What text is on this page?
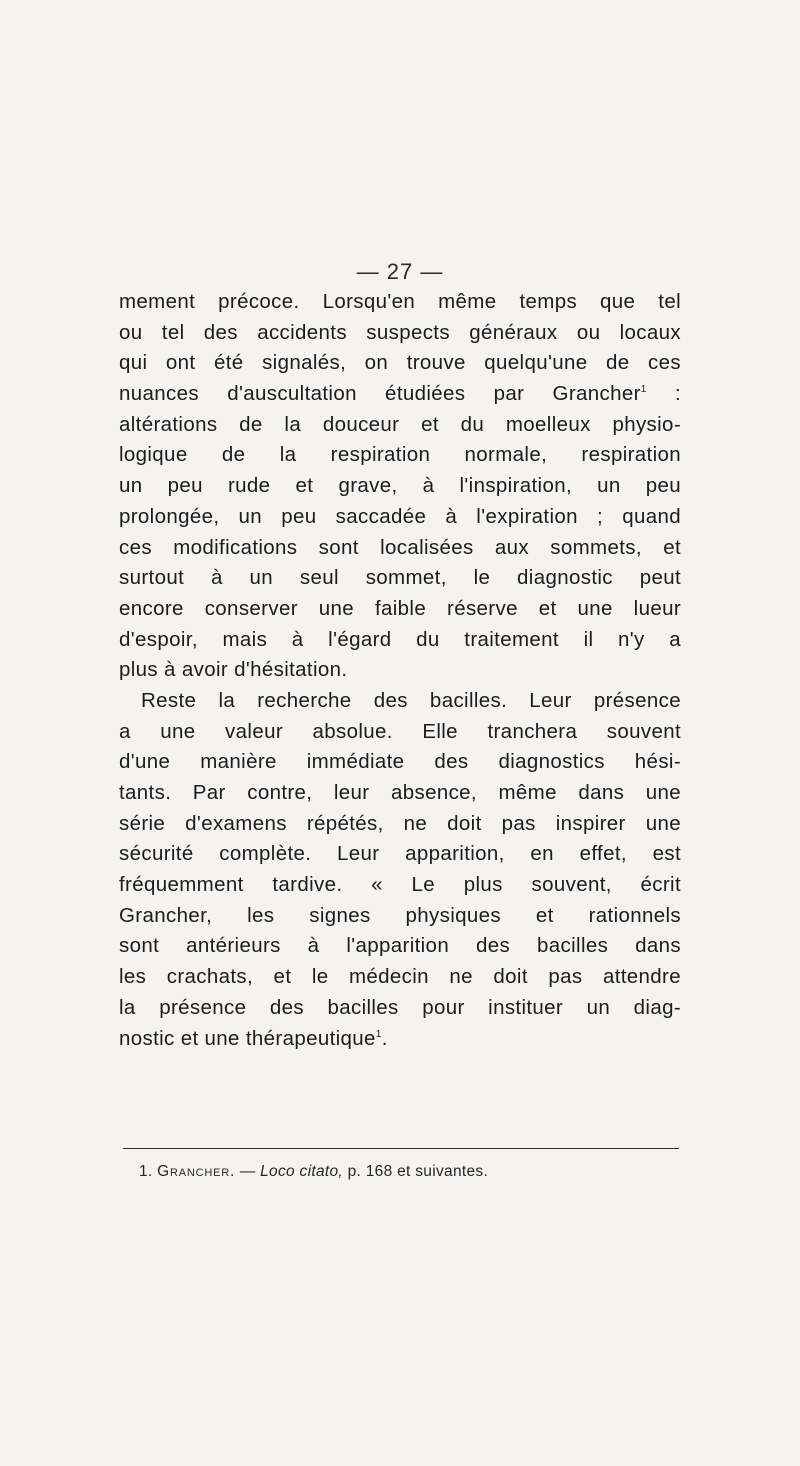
— 27 —
mement précoce. Lorsqu'en même temps que tel
ou tel des accidents suspects généraux ou locaux
qui ont été signalés, on trouve quelqu'une de ces
nuances d'auscultation étudiées par Grancher$^1$ :
altérations de la douceur et du moelleux physio-
logique de la respiration normale, respiration
un peu rude et grave, à l'inspiration, un peu
prolongée, un peu saccadée à l'expiration ; quand
ces modifications sont localisées aux sommets, et
surtout à un seul sommet, le diagnostic peut
encore conserver une faible réserve et une lueur
d'espoir, mais à l'égard du traitement il n'y a
plus à avoir d'hésitation.
Reste la recherche des bacilles. Leur présence
a une valeur absolue. Elle tranchera souvent
d'une manière immédiate des diagnostics hési-
tants. Par contre, leur absence, même dans une
série d'examens répétés, ne doit pas inspirer une
sécurité complète. Leur apparition, en effet, est
fréquemment tardive. « Le plus souvent, écrit
Grancher, les signes physiques et rationnels
sont antérieurs à l'apparition des bacilles dans
les crachats, et le médecin ne doit pas attendre
la présence des bacilles pour instituer un diag-
nostic et une thérapeutique$^1$.
1. Grancher. — Loco citato, p. 168 et suivantes.
